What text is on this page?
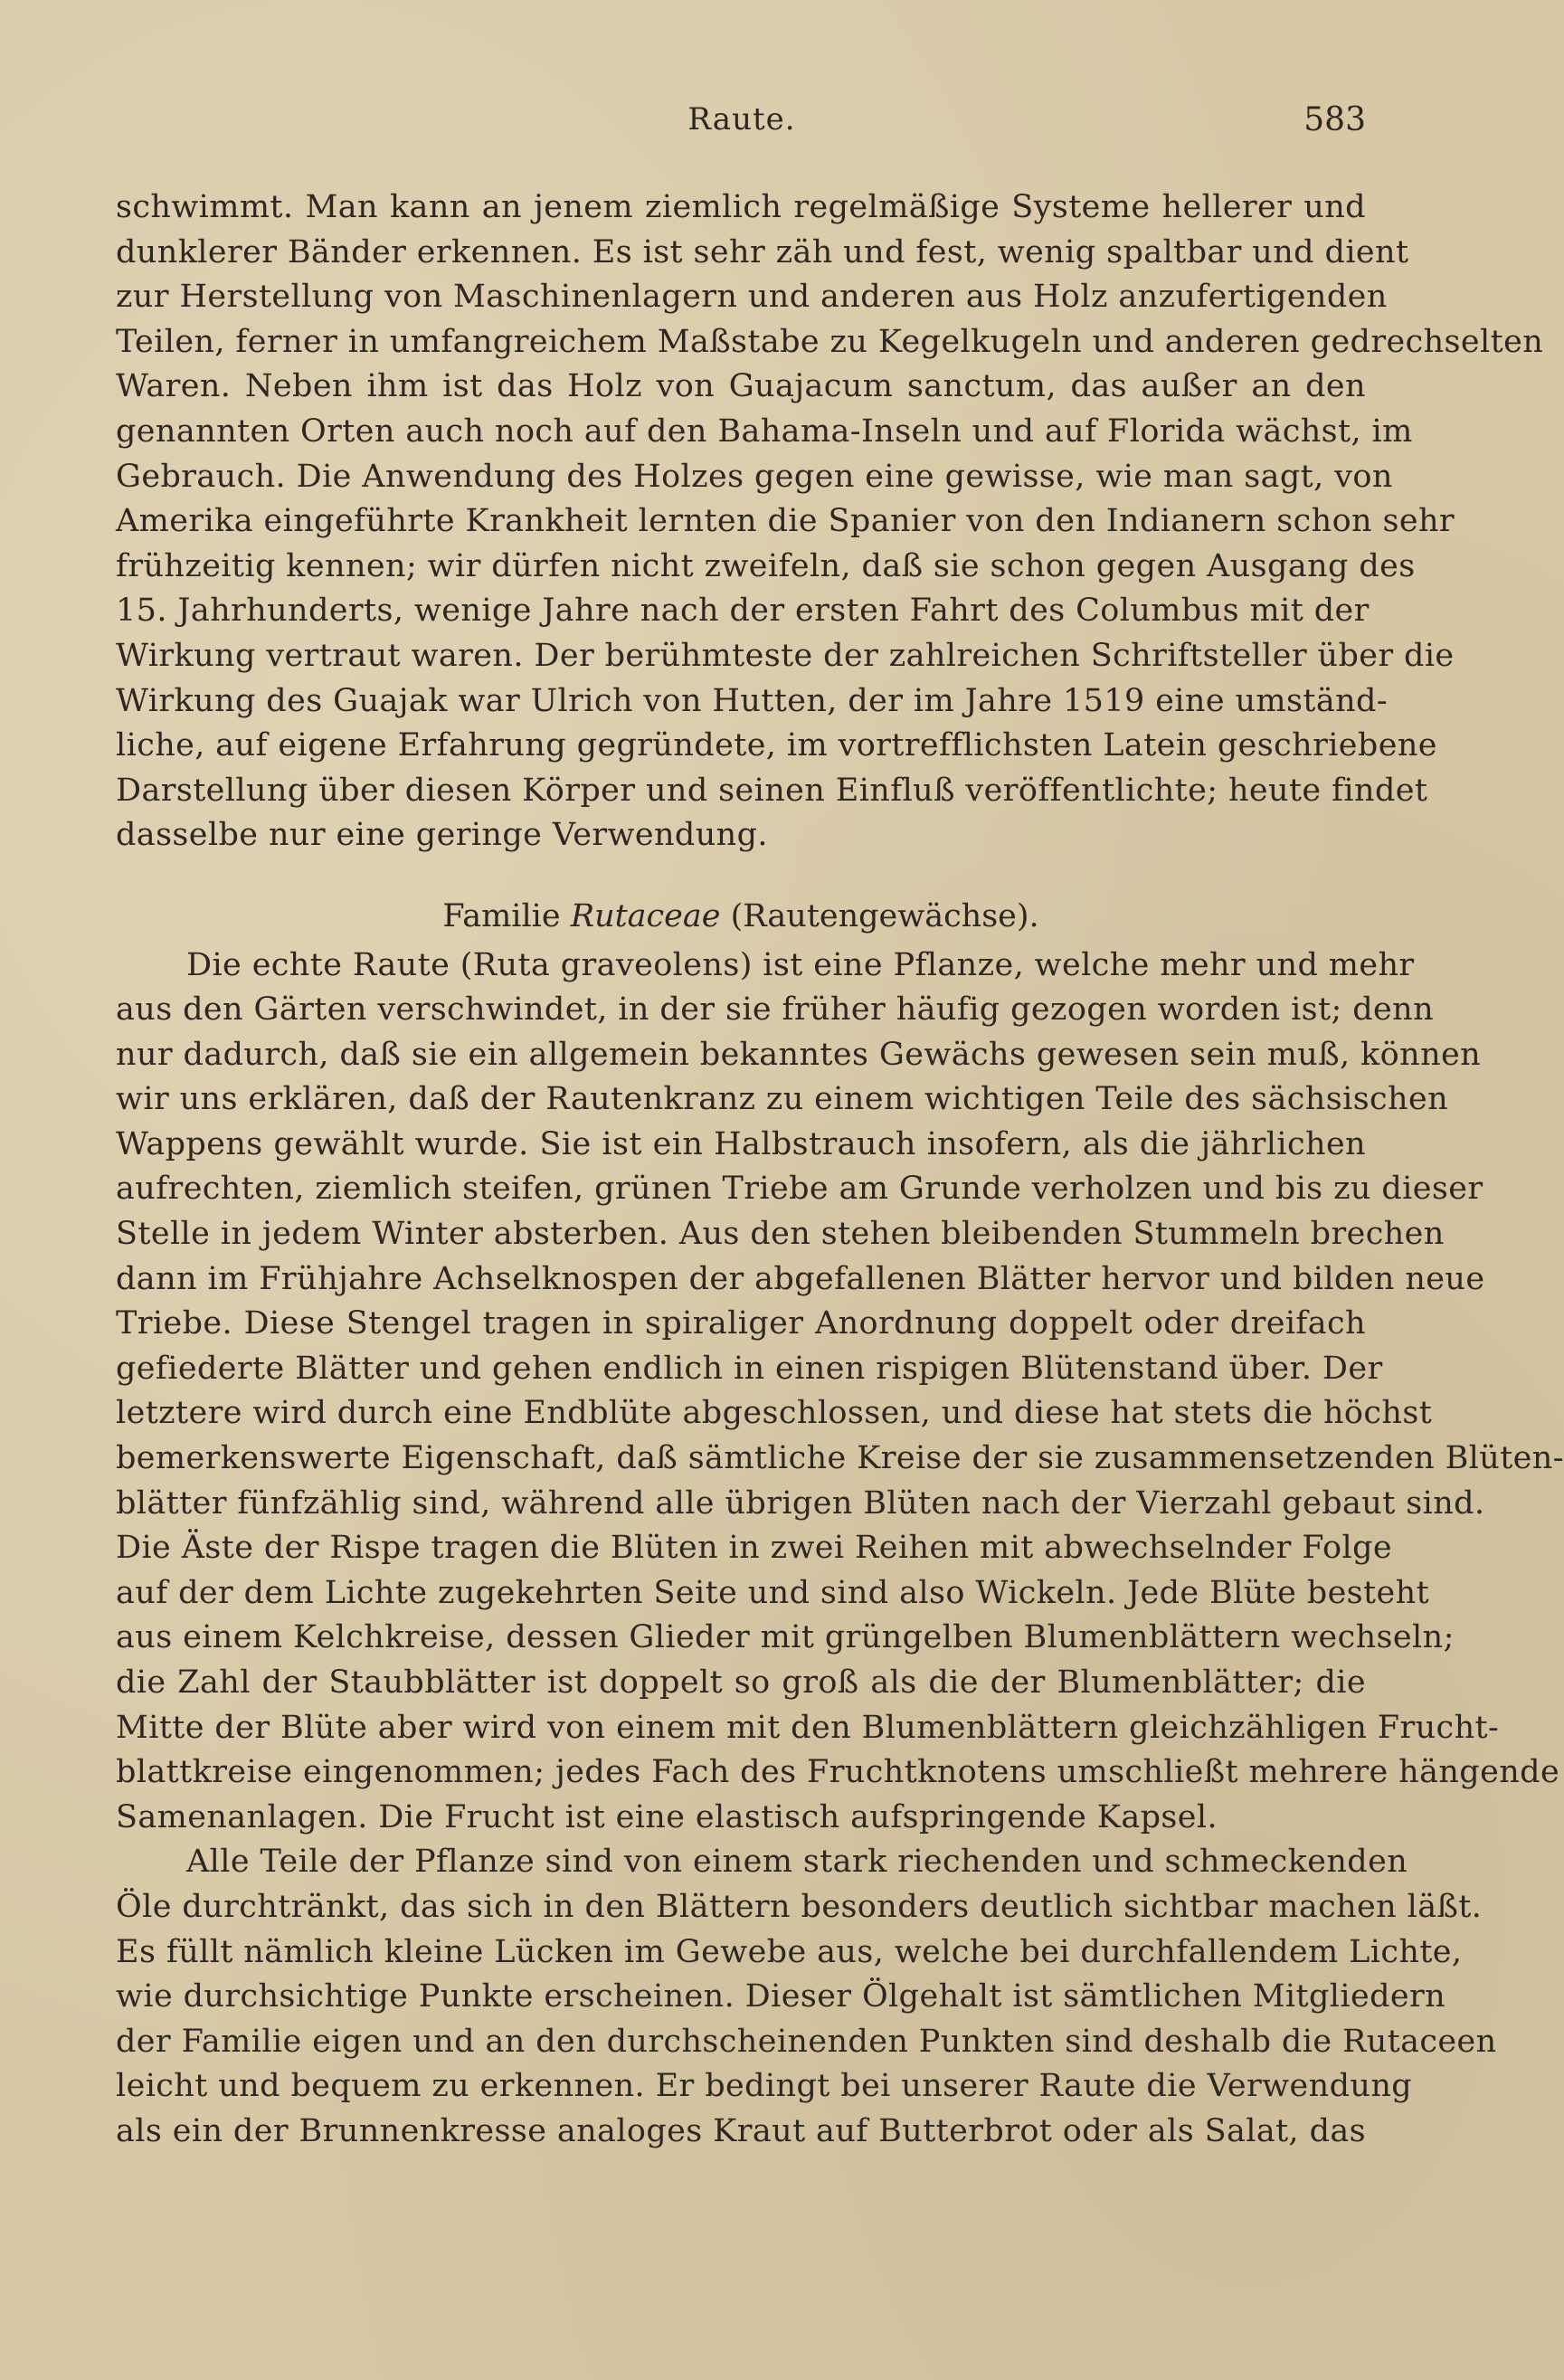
Raute.	583
schwimmt. Man kann an jenem ziemlich regelmäßige Systeme hellerer und
dunklerer Bänder erkennen. Es ist sehr zäh und fest, wenig spaltbar und dient
zur Herstellung von Maschinenlagern und anderen aus Holz anzufertigenden
Teilen, ferner in umfangreichem Maßstabe zu Kegelkugeln und anderen gedrechselten
Waren. Neben ihm ist das Holz von Guajacum sanctum, das außer an den
genannten Orten auch noch auf den Bahama-Inseln und auf Florida wächst, im
Gebrauch. Die Anwendung des Holzes gegen eine gewisse, wie man sagt, von
Amerika eingeführte Krankheit lernten die Spanier von den Indianern schon sehr
frühzeitig kennen; wir dürfen nicht zweifeln, daß sie schon gegen Ausgang des
15. Jahrhunderts, wenige Jahre nach der ersten Fahrt des Columbus mit der
Wirkung vertraut waren. Der berühmteste der zahlreichen Schriftsteller über die
Wirkung des Guajak war Ulrich von Hutten, der im Jahre 1519 eine umständ-
liche, auf eigene Erfahrung gegründete, im vortrefflichsten Latein geschriebene
Darstellung über diesen Körper und seinen Einfluß veröffentlichte; heute findet
dasselbe nur eine geringe Verwendung.
Familie Rutaceae (Rautengewächse).
Die echte Raute (Ruta graveolens) ist eine Pflanze, welche mehr und mehr
aus den Gärten verschwindet, in der sie früher häufig gezogen worden ist; denn
nur dadurch, daß sie ein allgemein bekanntes Gewächs gewesen sein muß, können
wir uns erklären, daß der Rautenkranz zu einem wichtigen Teile des sächsischen
Wappens gewählt wurde. Sie ist ein Halbstrauch insofern, als die jährlichen
aufrechten, ziemlich steifen, grünen Triebe am Grunde verholzen und bis zu dieser
Stelle in jedem Winter absterben. Aus den stehen bleibenden Stummeln brechen
dann im Frühjahre Achselknospen der abgefallenen Blätter hervor und bilden neue
Triebe. Diese Stengel tragen in spiraliger Anordnung doppelt oder dreifach
gefiederte Blätter und gehen endlich in einen rispigen Blütenstand über. Der
letztere wird durch eine Endblüte abgeschlossen, und diese hat stets die höchst
bemerkenswerte Eigenschaft, daß sämtliche Kreise der sie zusammensetzenden Blüten-
blätter fünfzählig sind, während alle übrigen Blüten nach der Vierzahl gebaut sind.
Die Äste der Rispe tragen die Blüten in zwei Reihen mit abwechselnder Folge
auf der dem Lichte zugekehrten Seite und sind also Wickeln. Jede Blüte besteht
aus einem Kelchkreise, dessen Glieder mit grüngelben Blumenblättern wechseln;
die Zahl der Staubblätter ist doppelt so groß als die der Blumenblätter; die
Mitte der Blüte aber wird von einem mit den Blumenblättern gleichzähligen Frucht-
blattkreise eingenommen; jedes Fach des Fruchtknotens umschließt mehrere hängende
Samenanlagen. Die Frucht ist eine elastisch aufspringende Kapsel.
Alle Teile der Pflanze sind von einem stark riechenden und schmeckenden
Öle durchtränkt, das sich in den Blättern besonders deutlich sichtbar machen läßt.
Es füllt nämlich kleine Lücken im Gewebe aus, welche bei durchfallendem Lichte,
wie durchsichtige Punkte erscheinen. Dieser Ölgehalt ist sämtlichen Mitgliedern
der Familie eigen und an den durchscheinenden Punkten sind deshalb die Rutaceen
leicht und bequem zu erkennen. Er bedingt bei unserer Raute die Verwendung
als ein der Brunnenkresse analoges Kraut auf Butterbrot oder als Salat, das
